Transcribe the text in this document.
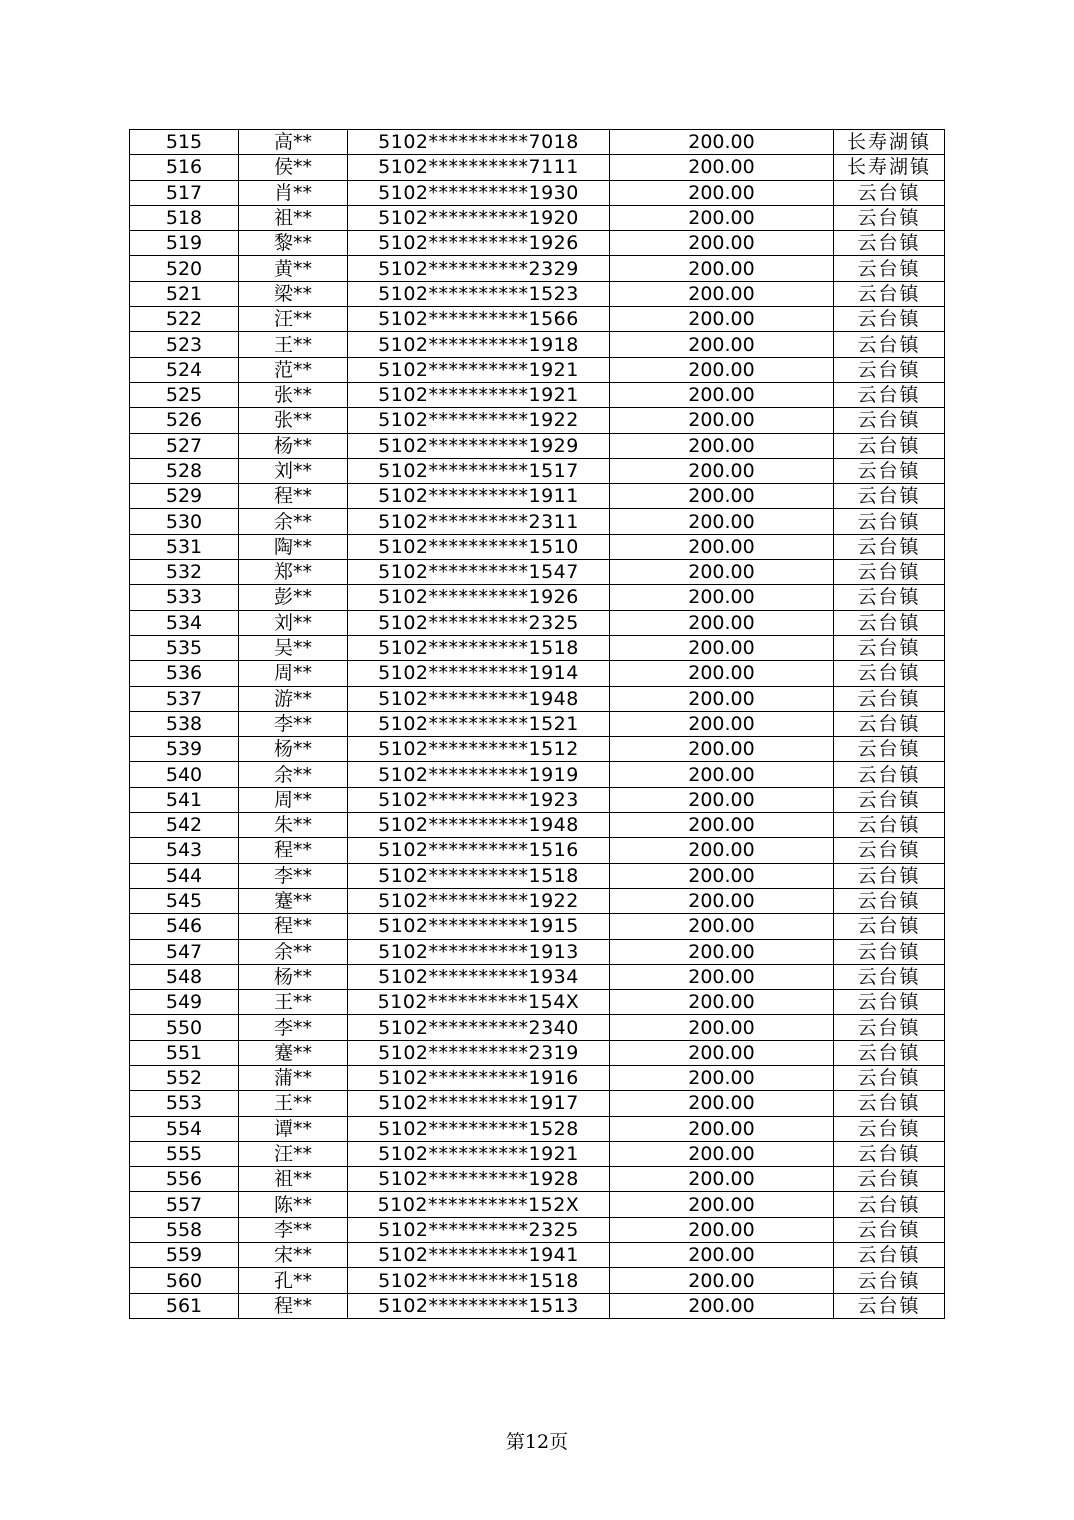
515	高**	5102**********7018	200.00	长寿湖镇
516	侯**	5102**********7111	200.00	长寿湖镇
517	肖**	5102**********1930	200.00	云台镇
518	祖**	5102**********1920	200.00	云台镇
519	黎**	5102**********1926	200.00	云台镇
520	黄**	5102**********2329	200.00	云台镇
521	梁**	5102**********1523	200.00	云台镇
522	汪**	5102**********1566	200.00	云台镇
523	王**	5102**********1918	200.00	云台镇
524	范**	5102**********1921	200.00	云台镇
525	张**	5102**********1921	200.00	云台镇
526	张**	5102**********1922	200.00	云台镇
527	杨**	5102**********1929	200.00	云台镇
528	刘**	5102**********1517	200.00	云台镇
529	程**	5102**********1911	200.00	云台镇
530	余**	5102**********2311	200.00	云台镇
531	陶**	5102**********1510	200.00	云台镇
532	郑**	5102**********1547	200.00	云台镇
533	彭**	5102**********1926	200.00	云台镇
534	刘**	5102**********2325	200.00	云台镇
535	吴**	5102**********1518	200.00	云台镇
536	周**	5102**********1914	200.00	云台镇
537	游**	5102**********1948	200.00	云台镇
538	李**	5102**********1521	200.00	云台镇
539	杨**	5102**********1512	200.00	云台镇
540	余**	5102**********1919	200.00	云台镇
541	周**	5102**********1923	200.00	云台镇
542	朱**	5102**********1948	200.00	云台镇
543	程**	5102**********1516	200.00	云台镇
544	李**	5102**********1518	200.00	云台镇
545	蹇**	5102**********1922	200.00	云台镇
546	程**	5102**********1915	200.00	云台镇
547	余**	5102**********1913	200.00	云台镇
548	杨**	5102**********1934	200.00	云台镇
549	王**	5102**********154X	200.00	云台镇
550	李**	5102**********2340	200.00	云台镇
551	蹇**	5102**********2319	200.00	云台镇
552	蒲**	5102**********1916	200.00	云台镇
553	王**	5102**********1917	200.00	云台镇
554	谭**	5102**********1528	200.00	云台镇
555	汪**	5102**********1921	200.00	云台镇
556	祖**	5102**********1928	200.00	云台镇
557	陈**	5102**********152X	200.00	云台镇
558	李**	5102**********2325	200.00	云台镇
559	宋**	5102**********1941	200.00	云台镇
560	孔**	5102**********1518	200.00	云台镇
561	程**	5102**********1513	200.00	云台镇
第12页
